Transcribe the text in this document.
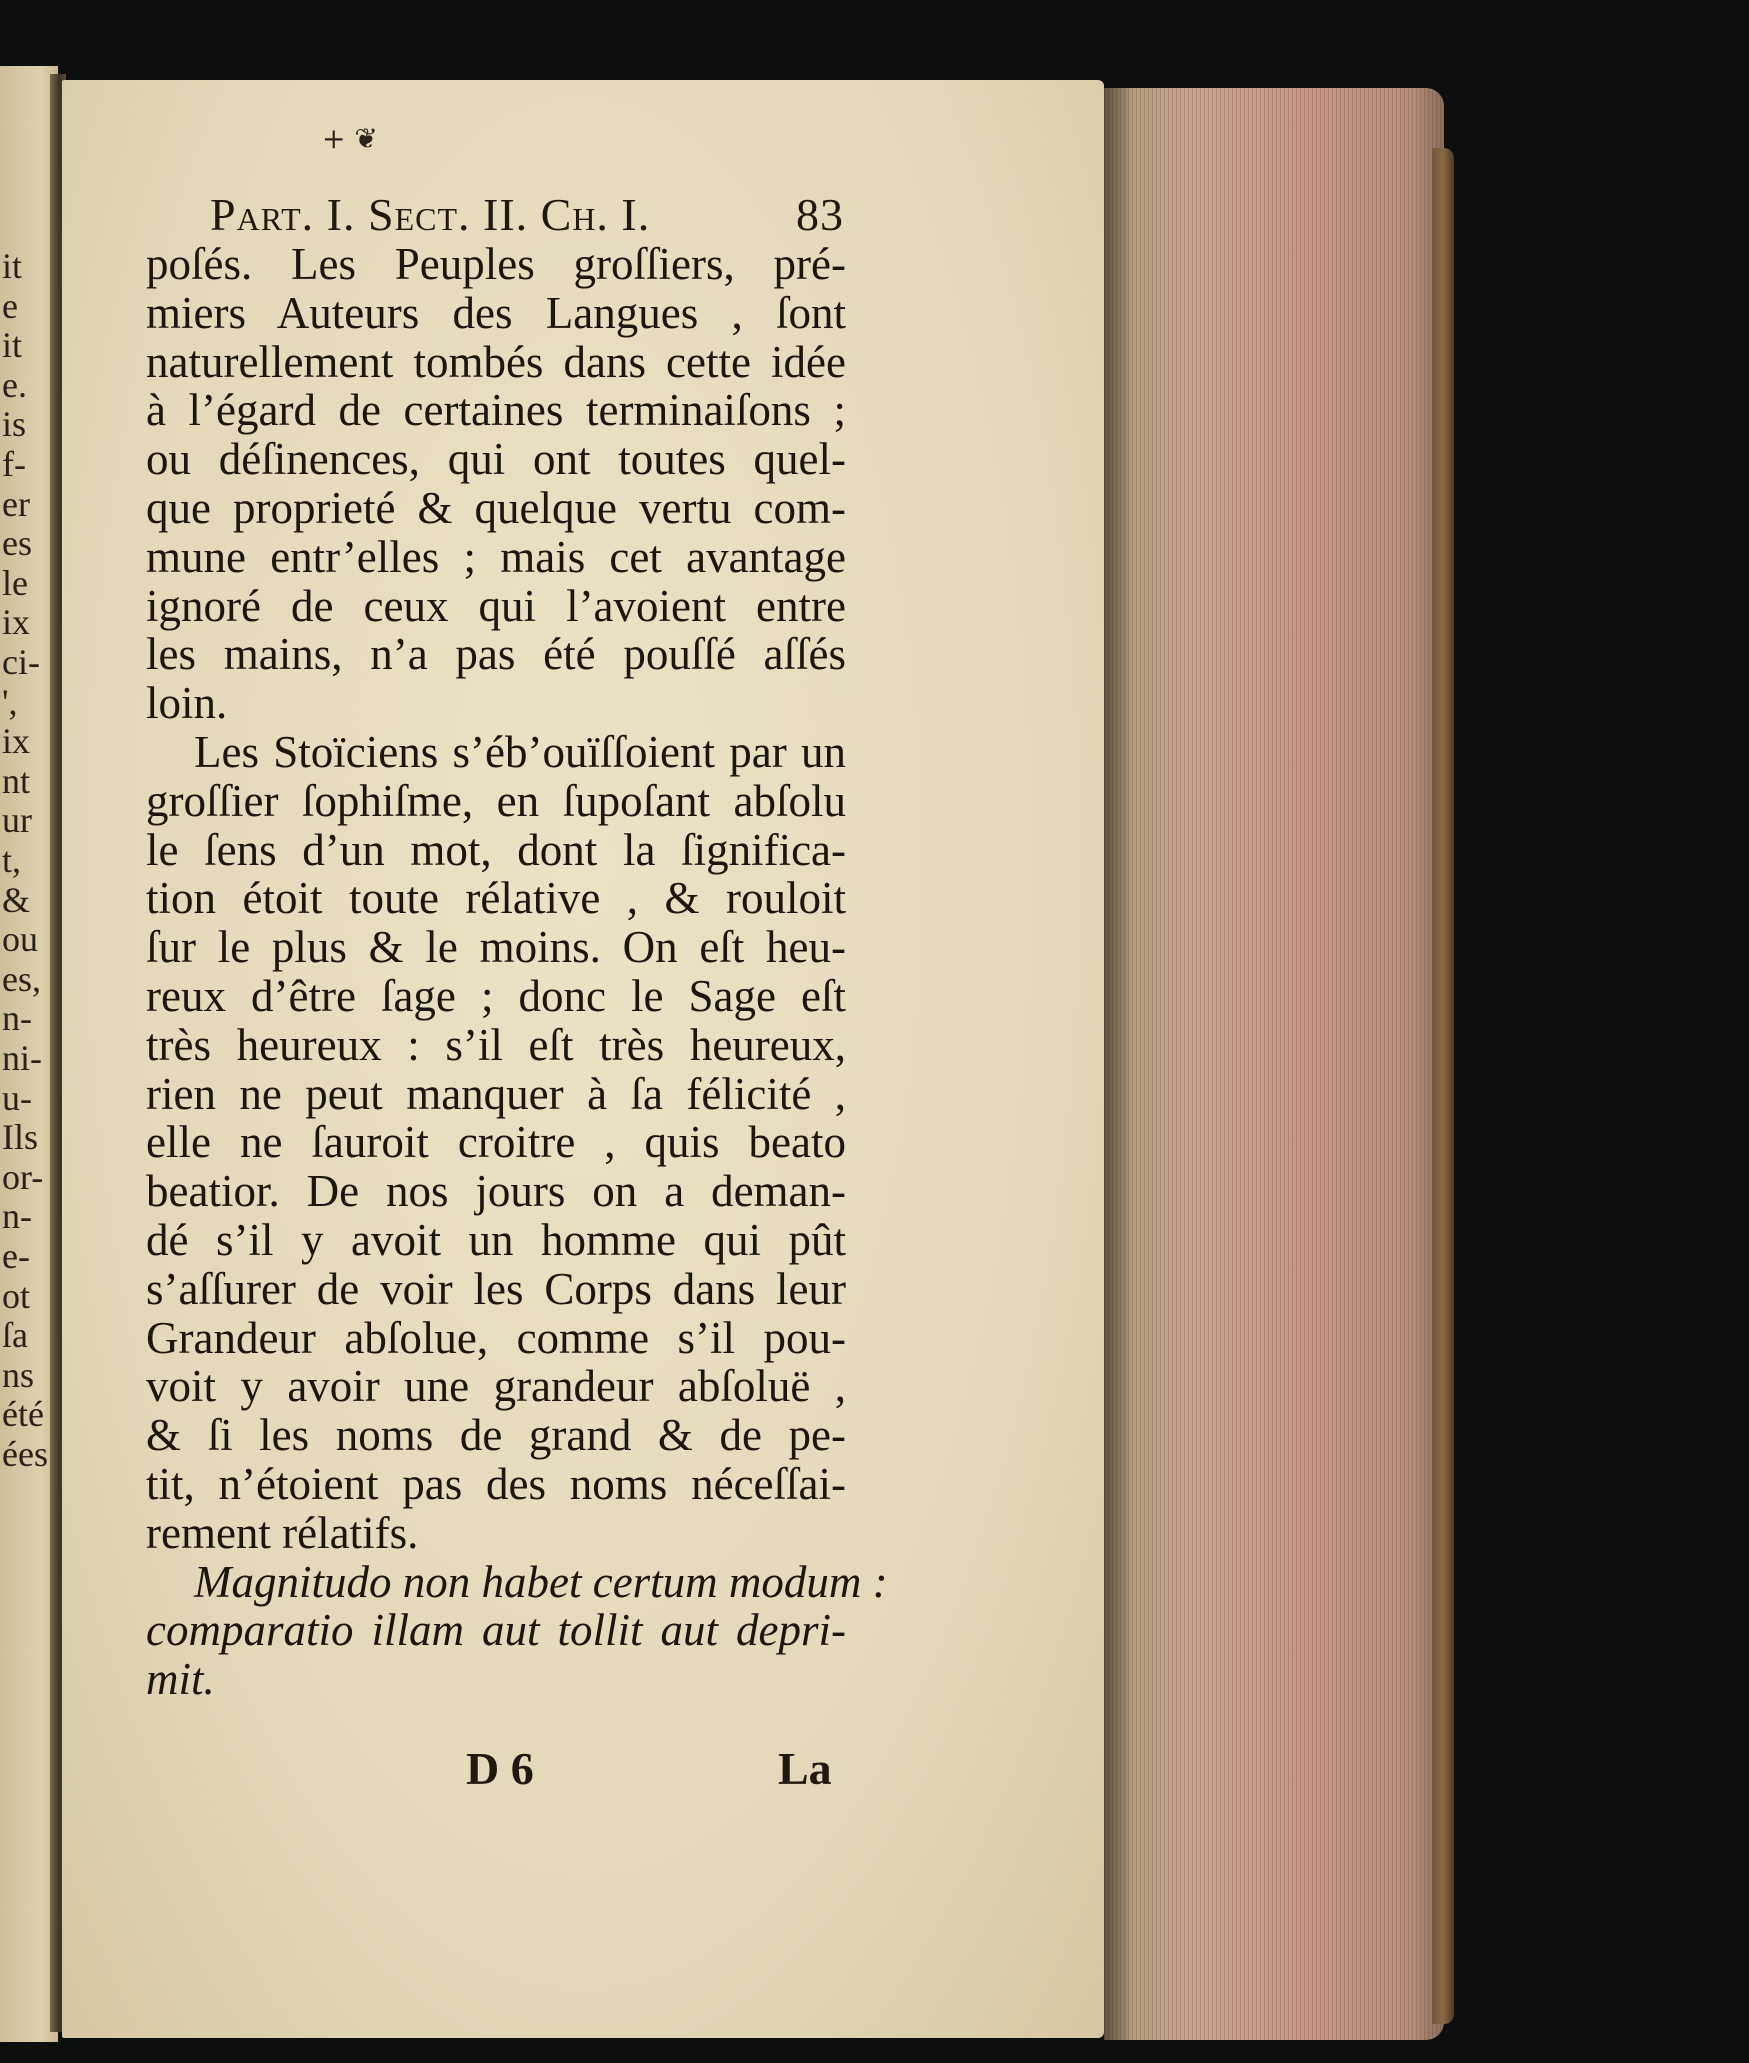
it
e
it
e.
is
f-
er
es
le
ix
ci-
',
ix
nt
ur
t,
&
ou
es,
n-
ni-
u-
Ils
or-
n-
e-
ot
ſa
ns
été
ées
+ ❦
Part. I. Sect. II. Ch. I.	83
poſés. Les Peuples groſſiers, pré-
miers Auteurs des Langues , ſont
naturellement tombés dans cette idée
à l’égard de certaines terminaiſons ;
ou déſinences, qui ont toutes quel-
que proprieté & quelque vertu com-
mune entr’elles ; mais cet avantage
ignoré de ceux qui l’avoient entre
les mains, n’a pas été pouſſé aſſés
loin.
Les Stoïciens s’éb’ouïſſoient par un
groſſier ſophiſme, en ſupoſant abſolu
le ſens d’un mot, dont la ſignifica-
tion étoit toute rélative , & rouloit
ſur le plus & le moins. On eſt heu-
reux d’être ſage ; donc le Sage eſt
très heureux : s’il eſt très heureux,
rien ne peut manquer à ſa félicité ,
elle ne ſauroit croitre , quis beato
beatior. De nos jours on a deman-
dé s’il y avoit un homme qui pût
s’aſſurer de voir les Corps dans leur
Grandeur abſolue, comme s’il pou-
voit y avoir une grandeur abſoluë ,
& ſi les noms de grand & de pe-
tit, n’étoient pas des noms néceſſai-
rement rélatifs.
Magnitudo non habet certum modum :
comparatio illam aut tollit aut depri-
mit.
D 6	La
